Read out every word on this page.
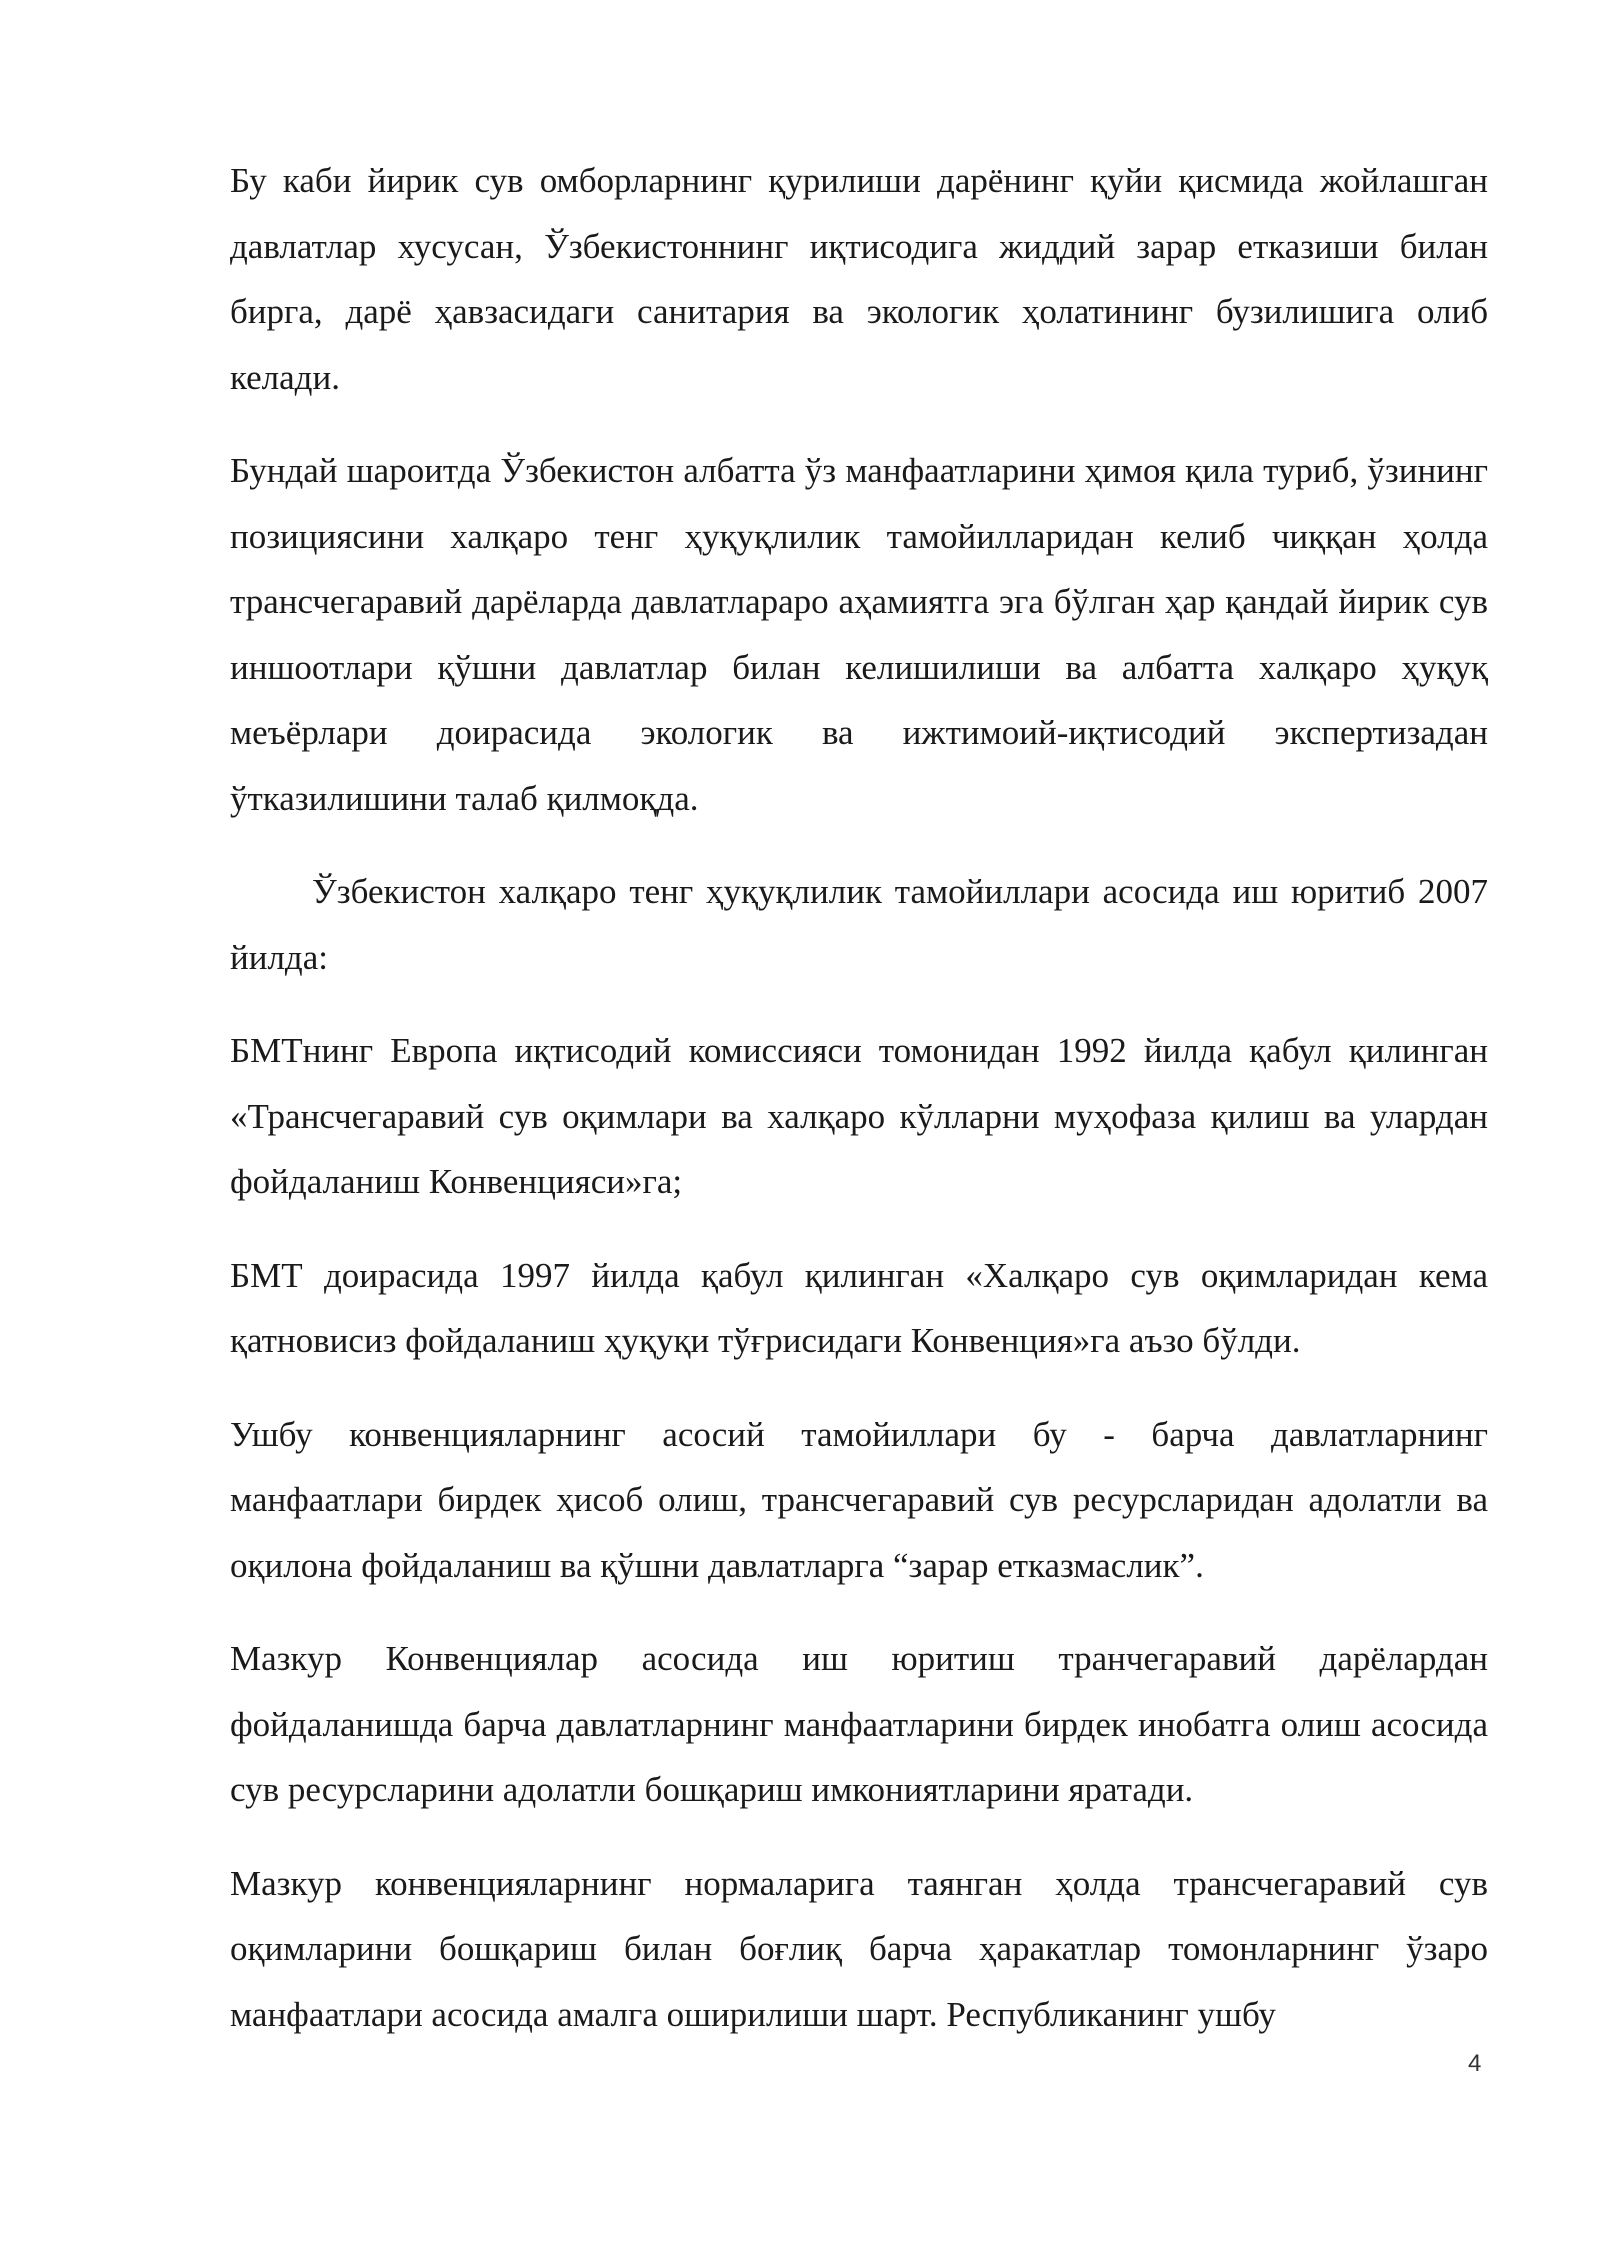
Бу каби йирик сув омборларнинг қурилиши дарёнинг қуйи қисмида жойлашган давлатлар хусусан, Ўзбекистоннинг иқтисодига жиддий зарар етказиши билан бирга, дарё ҳавзасидаги санитария ва экологик ҳолатининг бузилишига олиб келади.

Бундай шароитда Ўзбекистон албатта ўз манфаатларини ҳимоя қила туриб, ўзининг позициясини халқаро тенг ҳуқуқлилик тамойилларидан келиб чиққан ҳолда трансчегаравий дарёларда давлатлараро аҳамиятга эга бўлган ҳар қандай йирик сув иншоотлари қўшни давлатлар билан келишилиши ва албатта халқаро ҳуқуқ меъёрлари доирасида экологик ва ижтимоий-иқтисодий экспертизадан ўтказилишини талаб қилмоқда.

Ўзбекистон халқаро тенг ҳуқуқлилик тамойиллари асосида иш юритиб 2007 йилда:

БМТнинг Европа иқтисодий комиссияси томонидан 1992 йилда қабул қилинган «Трансчегаравий сув оқимлари ва халқаро кўлларни муҳофаза қилиш ва улардан фойдаланиш Конвенцияси»га;

БМТ доирасида 1997 йилда қабул қилинган «Халқаро сув оқимларидан кема қатновисиз фойдаланиш ҳуқуқи тўғрисидаги Конвенция»га аъзо бўлди.

Ушбу конвенцияларнинг асосий тамойиллари бу - барча давлатларнинг манфаатлари бирдек ҳисоб олиш, трансчегаравий сув ресурсларидан адолатли ва оқилона фойдаланиш ва қўшни давлатларга “зарар етказмаслик”.

Мазкур Конвенциялар асосида иш юритиш транчегаравий дарёлардан фойдаланишда барча давлатларнинг манфаатларини бирдек инобатга олиш асосида сув ресурсларини адолатли бошқариш имкониятларини яратади.

Мазкур конвенцияларнинг нормаларига таянган ҳолда трансчегаравий сув оқимларини бошқариш билан боғлиқ барча ҳаракатлар томонларнинг ўзаро манфаатлари асосида амалга оширилиши шарт. Республиканинг ушбу

4
